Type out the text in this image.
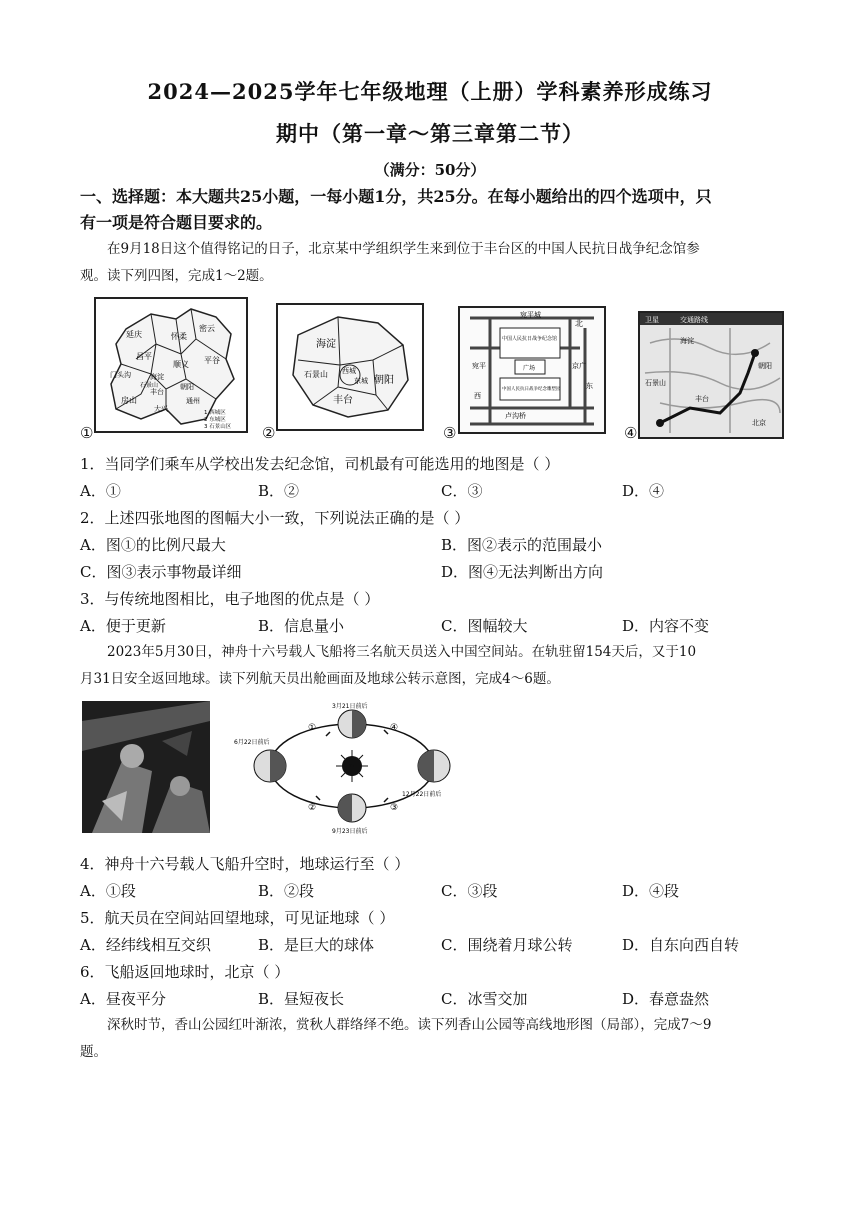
2024—2025学年七年级地理（上册）学科素养形成练习
期中（第一章～第三章第二节）
（满分：50分）
一、选择题：本大题共25小题，一每小题1分，共25分。在每小题给出的四个选项中，只
有一项是符合题目要求的。
在9月18日这个值得铭记的日子，北京某中学组织学生来到位于丰台区的中国人民抗日战争纪念馆参
观。读下列四图，完成1～2题。
延庆	怀柔
密云
昌平
顺义 平谷
门头沟	海淀
朝阳
通州
房山
大兴
丰台
石景山
1 西城区
2 东城区
3 石景山区
①
海淀
朝阳
石景山
丰台
西城
东城
②
宛平城
北
中国人民抗日战争纪念馆
广场
中国人民抗日战争纪念雕塑园
卢沟桥
宛平	京广
东
西
③
卫星	交通路线
海淀
丰台
石景山
北京
朝阳
④
1．当同学们乘车从学校出发去纪念馆，司机最有可能选用的地图是（ ）
A．①	B．②	C．③	D．④
2．上述四张地图的图幅大小一致，下列说法正确的是（ ）
A．图①的比例尺最大	B．图②表示的范围最小
C．图③表示事物最详细	D．图④无法判断出方向
3．与传统地图相比，电子地图的优点是（ ）
A．便于更新	B．信息量小	C．图幅较大	D．内容不变
2023年5月30日，神舟十六号载人飞船将三名航天员送入中国空间站。在轨驻留154天后，又于10
月31日安全返回地球。读下列航天员出舱画面及地球公转示意图，完成4～6题。
3月21日前后
6月22日前后
12月22日前后
9月23日前后
①
②	③
④
4．神舟十六号载人飞船升空时，地球运行至（ ）
A．①段	B．②段	C．③段	D．④段
5．航天员在空间站回望地球，可见证地球（ ）
A．经纬线相互交织	B．是巨大的球体	C．围绕着月球公转	D．自东向西自转
6．飞船返回地球时，北京（ ）
A．昼夜平分	B．昼短夜长	C．冰雪交加	D．春意盎然
深秋时节，香山公园红叶渐浓，赏秋人群络绎不绝。读下列香山公园等高线地形图（局部），完成7～9
题。
